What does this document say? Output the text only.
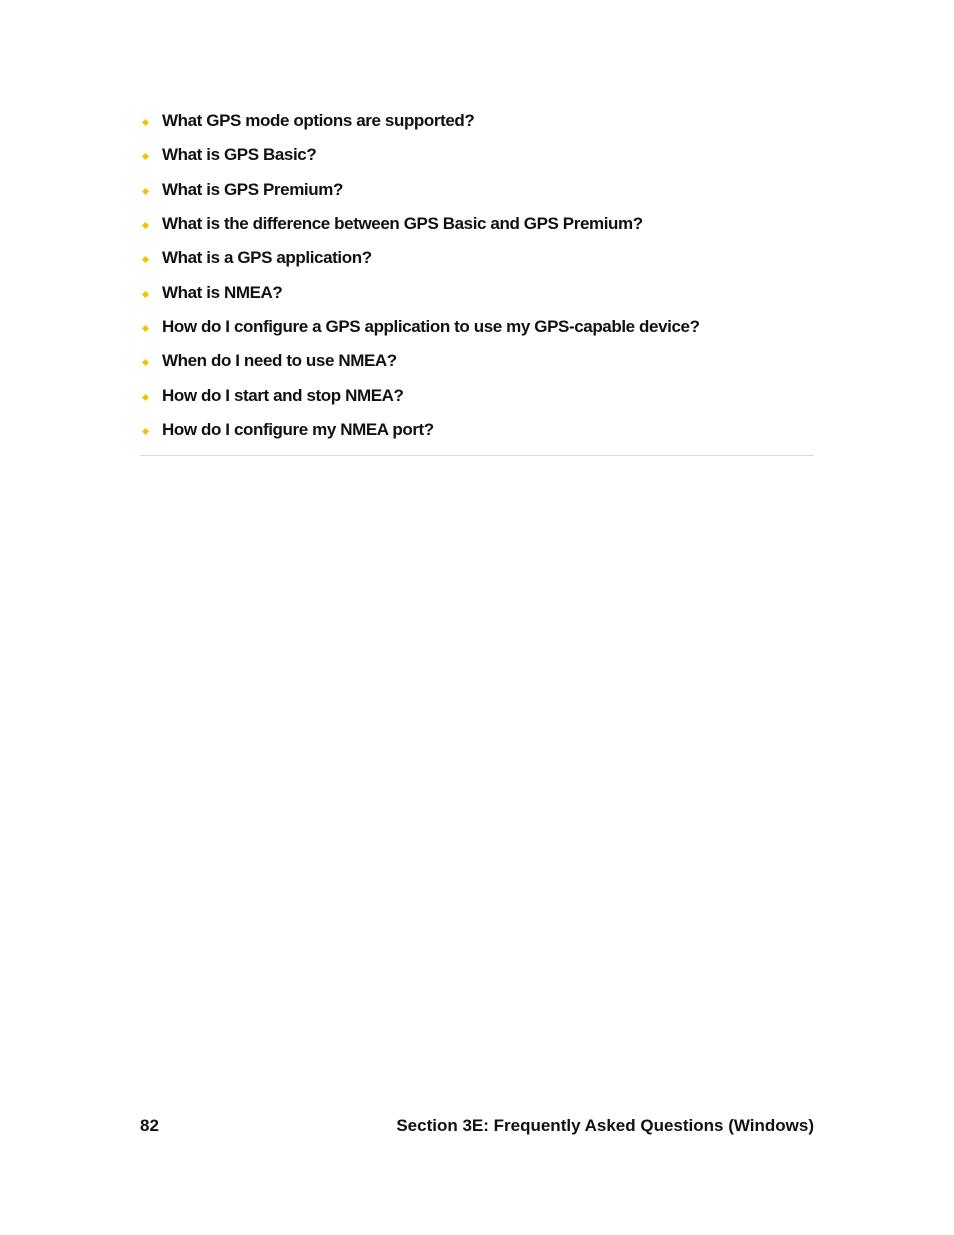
What GPS mode options are supported?
What is GPS Basic?
What is GPS Premium?
What is the difference between GPS Basic and GPS Premium?
What is a GPS application?
What is NMEA?
How do I configure a GPS application to use my GPS-capable device?
When do I need to use NMEA?
How do I start and stop NMEA?
How do I configure my NMEA port?
82	Section 3E: Frequently Asked Questions (Windows)
